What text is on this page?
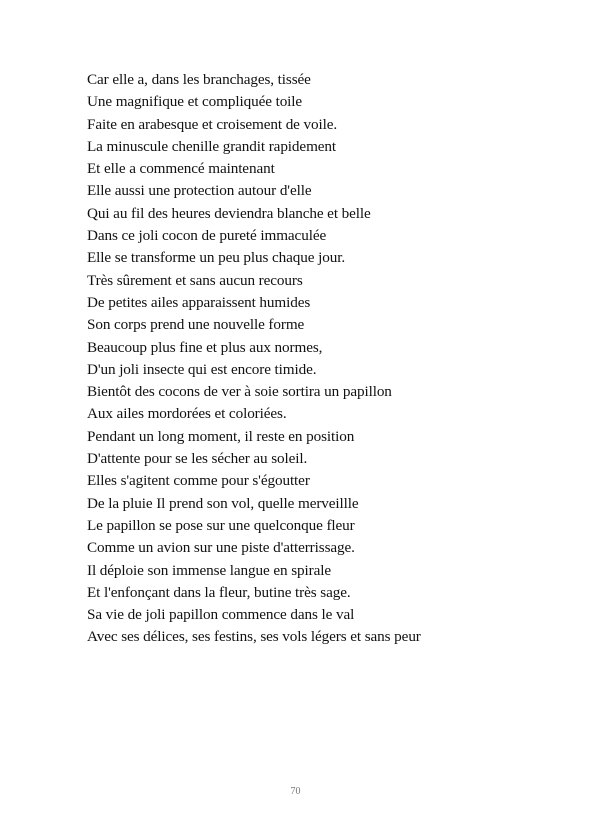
Car elle a, dans les branchages, tissée
Une magnifique et compliquée toile
Faite en arabesque et croisement de voile.
La minuscule chenille grandit rapidement
Et elle a commencé maintenant
Elle aussi une protection autour d'elle
Qui au fil des heures deviendra blanche et belle
Dans ce joli cocon de pureté immaculée
Elle se transforme un peu plus chaque jour.
Très sûrement et sans aucun recours
De petites ailes apparaissent humides
Son corps prend une nouvelle forme
Beaucoup plus fine et plus aux normes,
D'un joli insecte qui est encore timide.
Bientôt des cocons de ver à soie sortira un papillon
Aux ailes mordorées et coloriées.
Pendant un long moment, il reste en position
D'attente pour se les sécher au soleil.
Elles s'agitent comme pour s'égoutter
De la pluie Il prend son vol, quelle merveillle
Le papillon se pose sur une quelconque fleur
Comme un avion sur une piste d'atterrissage.
Il déploie son immense langue en spirale
Et l'enfonçant dans la fleur, butine très sage.
Sa vie de joli papillon commence dans le val
Avec ses délices, ses festins, ses vols légers et sans peur
70
